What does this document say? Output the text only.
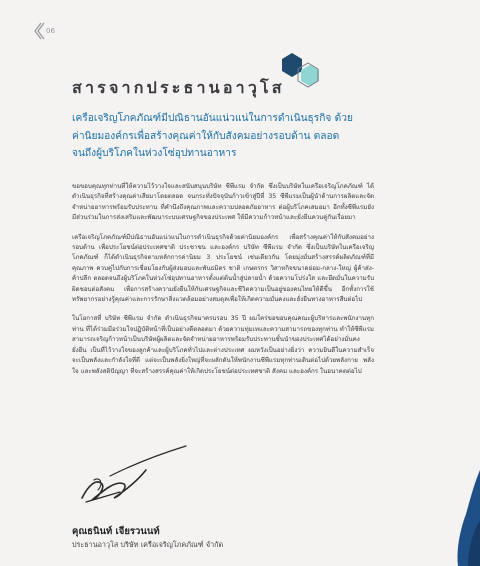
06
สารจากประธานอาวุโส

เครือเจริญโภคภัณฑ์มีปณิธานอันแน่วแน่ในการดำเนินธุรกิจ ด้วยค่านิยมองค์กรเพื่อสร้างคุณค่าให้กับสังคมอย่างรอบด้าน ตลอดจนถึงผู้บริโภคในห่วงโซ่อุปทานอาหาร

ขอขอบคุณทุกท่านที่ให้ความไว้วางใจและสนับสนุนบริษัท ซีพีแรม จำกัด ซึ่งเป็นบริษัทในเครือเจริญโภคภัณฑ์ ได้ดำเนินธุรกิจที่สร้างคุณค่าเสียมาโดยตลอด จนกระทั่งปัจจุบันก้าวเข้าสู่ปีที่ 35 ซีพีแรมเป็นผู้นำด้านการผลิตและจัดจำหน่ายอาหารพร้อมรับประทาน ที่คำนึงถึงคุณภาพและความปลอดภัยอาหาร ต่อผู้บริโภคเสมอมา อีกทั้งซีพีแรมยังมีส่วนร่วมในการส่งเสริมและพัฒนาระบบเศรษฐกิจของประเทศ ให้มีความก้าวหน้าและยั่งยืนควบคู่กันเรื่อยมา

เครือเจริญโภคภัณฑ์มีปณิธานอันแน่วแน่ในการดำเนินธุรกิจด้วยค่านิยมองค์กร เพื่อสร้างคุณค่าให้กับสังคมอย่างรอบด้าน เพื่อประโยชน์ต่อประเทศชาติ ประชาชน และองค์กร บริษัท ซีพีแรม จำกัด ซึ่งเป็นบริษัทในเครือเจริญโภคภัณฑ์ ก็ได้ดำเนินธุรกิจตามหลักการค่านิยม 3 ประโยชน์ เช่นเดียวกัน โดยมุ่งมั่นสร้างสรรค์ผลิตภัณฑ์ที่มีคุณภาพ ควบคู่ไปกับการเชื่อมโยงกับผู้ส่งมอบและพันธมิตร ชาติ เกษตรกร วิสาหกิจขนาดย่อม-กลาง-ใหญ่ ผู้ค้าส่ง-ค้าปลีก ตลอดจนถึงผู้บริโภคในห่วงโซ่อุปทานอาหารตั้งแต่ต้นน้ำสู่ปลายน้ำ ด้วยความโปร่งใส และยึดมั่นในความรับผิดชอบต่อสังคม เพื่อการสร้างความยั่งยืนให้กับเศรษฐกิจและชีวิตความเป็นอยู่ของคนไทยให้ดีขึ้น อีกทั้งการใช้ทรัพยากรอย่างรู้คุณค่าและการรักษาสิ่งแวดล้อมอย่างสมดุลเพื่อให้เกิดความมั่นคงและยั่งยืนทางอาหารสืบต่อไป

ในโอกาสที่ บริษัท ซีพีแรม จำกัด ดำเนินธุรกิจมาครบรอบ 35 ปี ผมใคร่ขอขอบคุณคณะผู้บริหารและพนักงานทุกท่าน ที่ได้ร่วมมือร่วมใจปฏิบัติหน้าที่เป็นอย่างดีตลอดมา ด้วยความทุ่มเทและความสามารถของทุกท่าน ทำให้ซีพีแรมสามารถเจริญก้าวหน้าเป็นบริษัทผู้ผลิตและจัดจำหน่ายอาหารพร้อมรับประทานชั้นนำของประเทศได้อย่างมั่นคงยั่งยืน เป็นที่ไว้วางใจของลูกค้าและผู้บริโภคทั่วไปและต่างประเทศ ผมหวังเป็นอย่างยิ่งว่า ความยินดีในความสำเร็จจะเป็นพลังและกำลังใจที่ดี แต่จะเป็นพลังยิ่งใหญ่ที่จะผลักดันให้พนักงานซีพีแรมทุกท่านเดินต่อไปด้วยพลังกาย พลังใจ และพลังสติปัญญา ที่จะสร้างสรรค์คุณค่าให้เกิดประโยชน์ต่อประเทศชาติ สังคม และองค์กร ในอนาคตต่อไป

คุณธนินท์ เจียรวนนท์

ประธานอาวุโส บริษัท เครือเจริญโภคภัณฑ์ จำกัด
